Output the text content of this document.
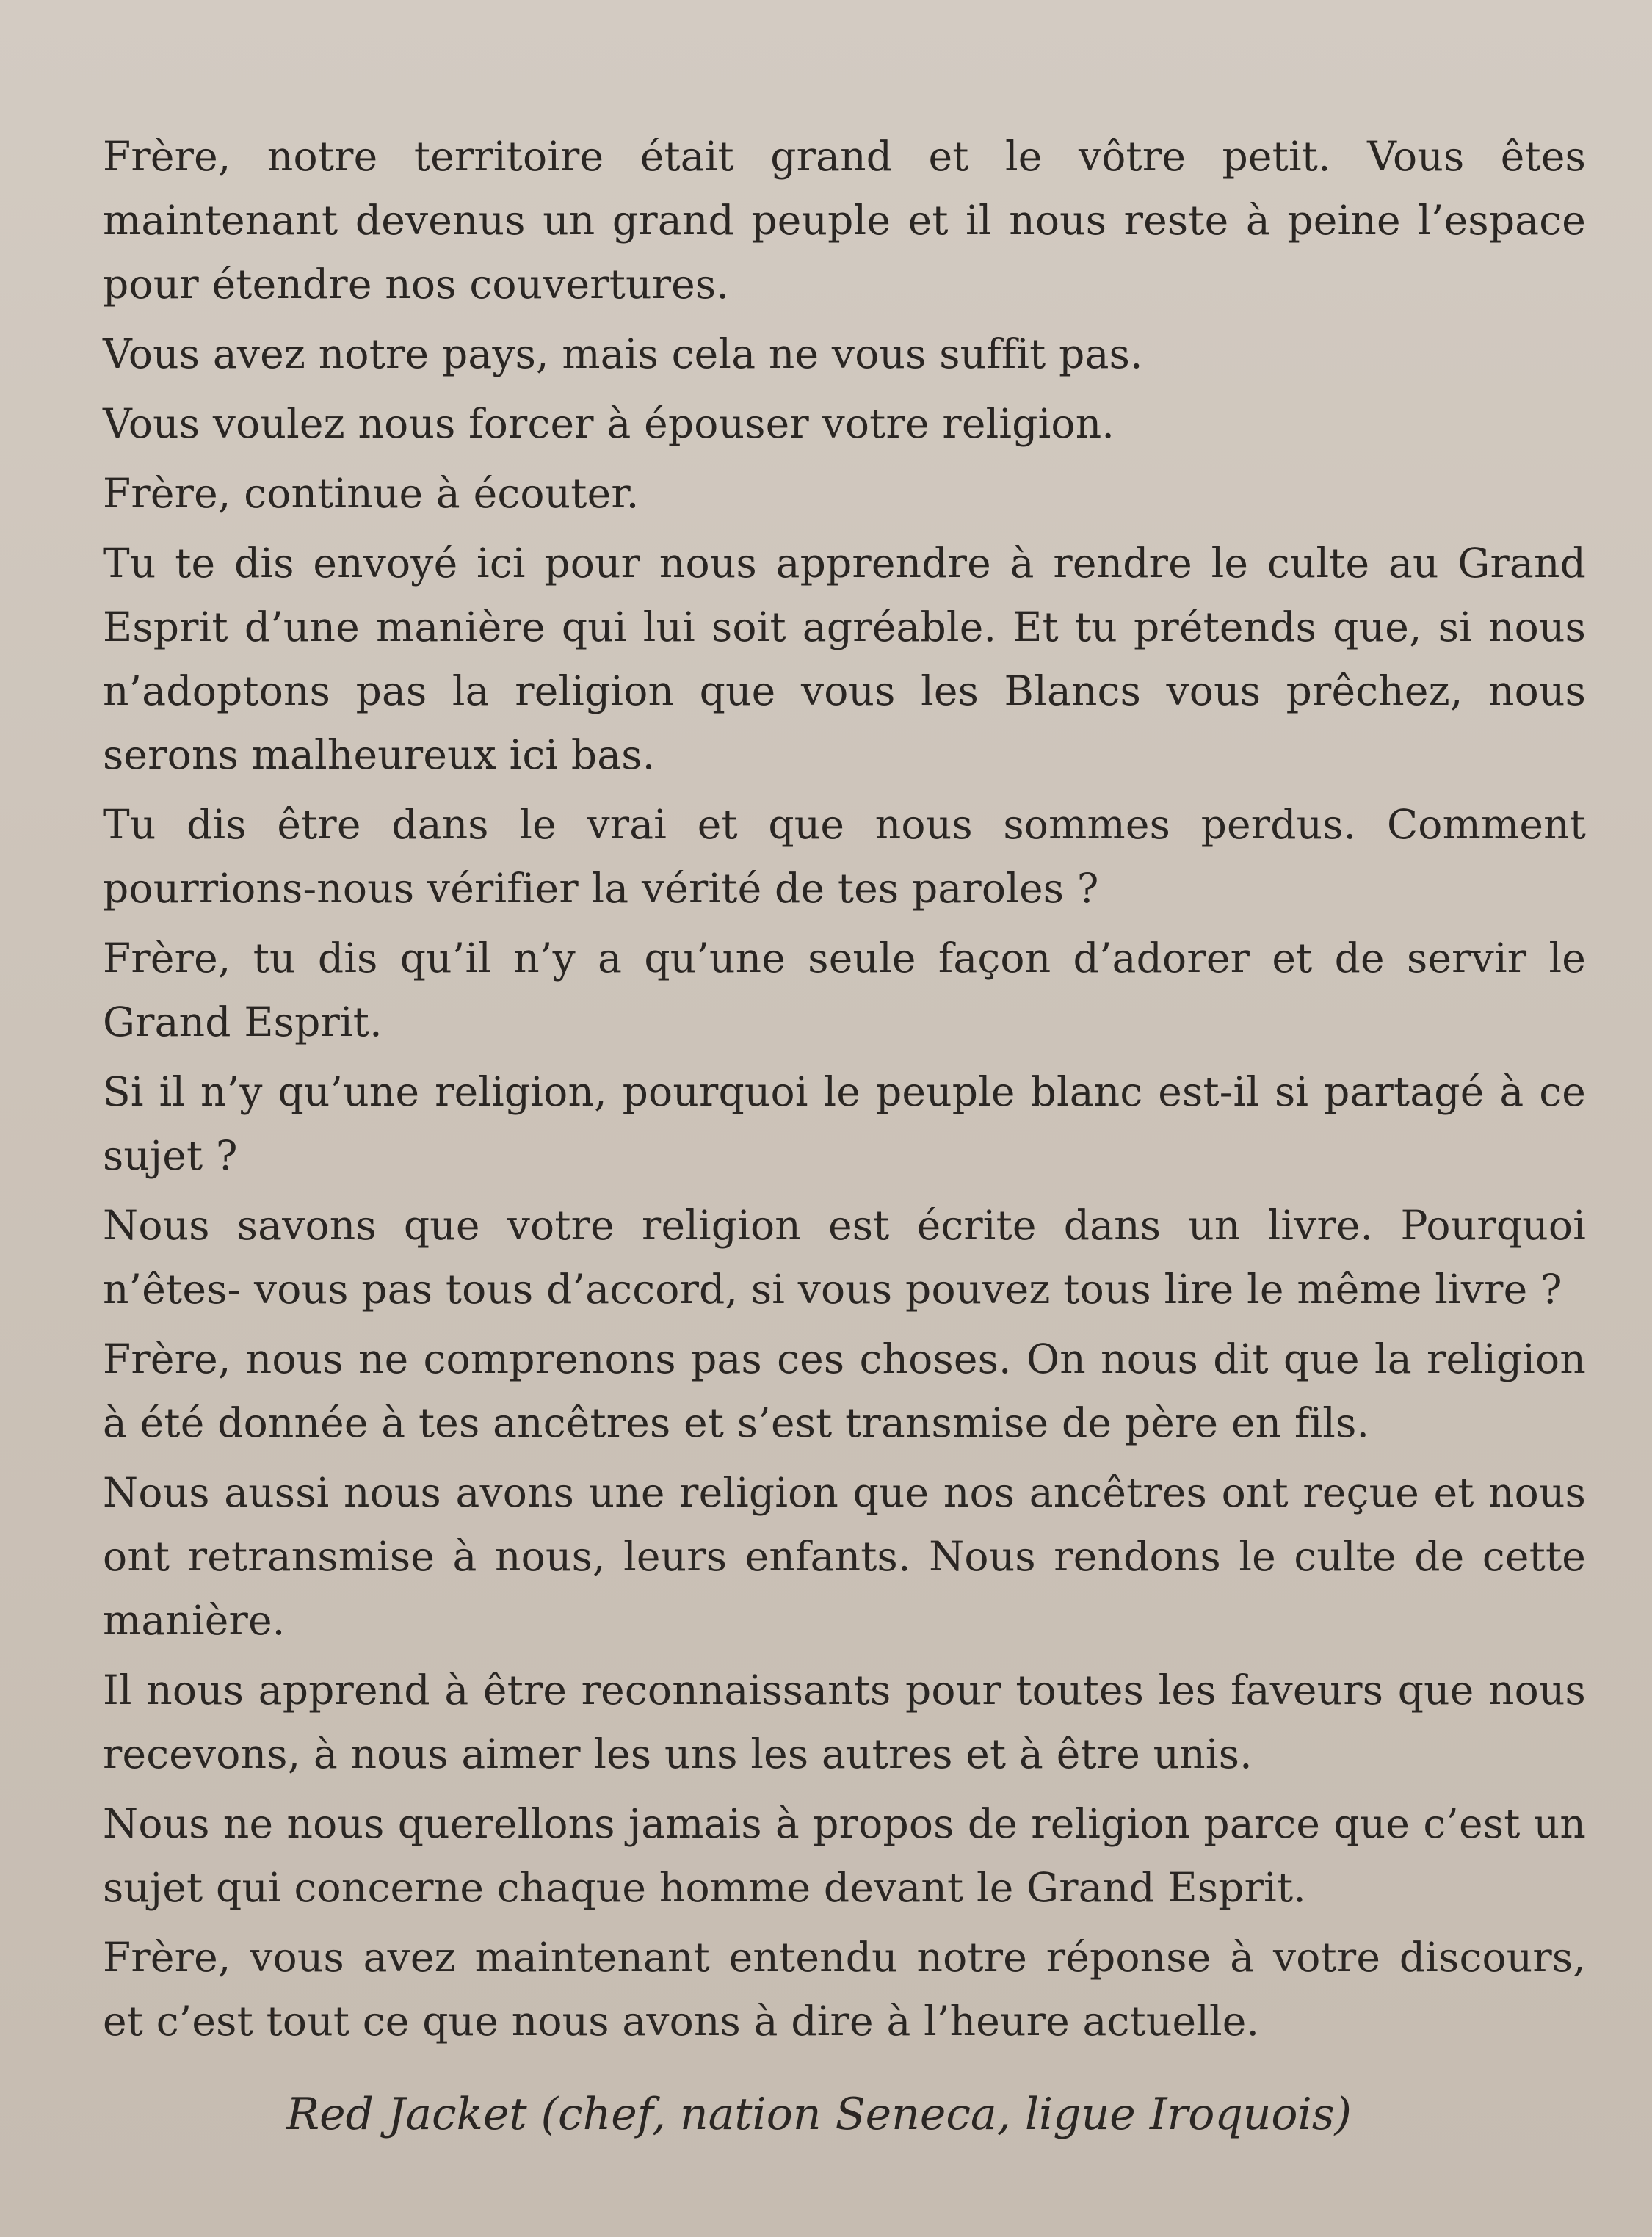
Frère, notre territoire était grand et le vôtre petit. Vous êtes maintenant devenus un grand peuple et il nous reste à peine l’espace pour étendre nos couvertures.

Vous avez notre pays, mais cela ne vous suffit pas.

Vous voulez nous forcer à épouser votre religion.

Frère, continue à écouter.

Tu te dis envoyé ici pour nous apprendre à rendre le culte au Grand Esprit d’une manière qui lui soit agréable. Et tu prétends que, si nous n’adoptons pas la religion que vous les Blancs vous prêchez, nous serons malheureux ici bas.

Tu dis être dans le vrai et que nous sommes perdus. Comment pourrions-nous vérifier la vérité de tes paroles ?

Frère, tu dis qu’il n’y a qu’une seule façon d’adorer et de servir le Grand Esprit.

Si il n’y qu’une religion, pourquoi le peuple blanc est-il si partagé à ce sujet ?

Nous savons que votre religion est écrite dans un livre. Pourquoi n’êtes- vous pas tous d’accord, si vous pouvez tous lire le même livre ?

Frère, nous ne comprenons pas ces choses. On nous dit que la religion à été donnée à tes ancêtres et s’est transmise de père en fils.

Nous aussi nous avons une religion que nos ancêtres ont reçue et nous ont retransmise à nous, leurs enfants. Nous rendons le culte de cette manière.

Il nous apprend à être reconnaissants pour toutes les faveurs que nous recevons, à nous aimer les uns les autres et à être unis.

Nous ne nous querellons jamais à propos de religion parce que c’est un sujet qui concerne chaque homme devant le Grand Esprit.

Frère, vous avez maintenant entendu notre réponse à votre discours, et c’est tout ce que nous avons à dire à l’heure actuelle.

Red Jacket (chef, nation Seneca, ligue Iroquois)
